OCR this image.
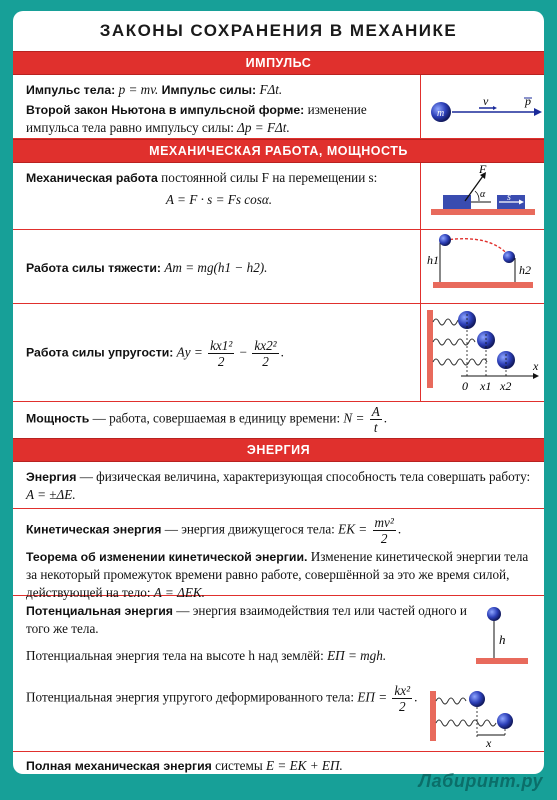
ЗАКОНЫ СОХРАНЕНИЯ В МЕХАНИКЕ
ИМПУЛЬС
Импульс тела: p = mv. Импульс силы: FΔt.
Второй закон Ньютона в импульсной форме: изменение импульса тела равно импульсу силы: Δp = FΔt.
m
v	p
МЕХАНИЧЕСКАЯ РАБОТА, МОЩНОСТЬ
Механическая работа постоянной силы F на перемещении s:
A = F · s = Fs cosα.
F
α s
Работа силы тяжести: Aт = mg(h1 − h2).	h1
h2
Работа силы упругости: Aу = $\frac{\text{kx1²}}{2} - \frac{\text{kx2²}}{2}$ .
0 x1 x2
x
Мощность — работа, совершаемая в единицу времени: $N = \frac{A}{t}$ .
ЭНЕРГИЯ
Энергия — физическая величина, характеризующая способность тела совершать работу: A = ±ΔE.
Кинетическая энергия — энергия движущегося тела: EK = $\frac{\text{mv²}}{2}$ .
Теорема об изменении кинетической энергии. Изменение кинетической энергии тела за некоторый промежуток времени равно работе, совершённой за это же время силой, действующей на тело: A = ΔEK.
Потенциальная энергия — энергия взаимодействия тел или частей одного и того же тела.
Потенциальная энергия тела на высоте h над землёй: EП = mgh.
Потенциальная энергия упругого деформированного тела: EП = $\frac{\text{kx²}}{2}$ .
h
x
Полная механическая энергия системы E = EK + EП.
Лабиринт.ру
